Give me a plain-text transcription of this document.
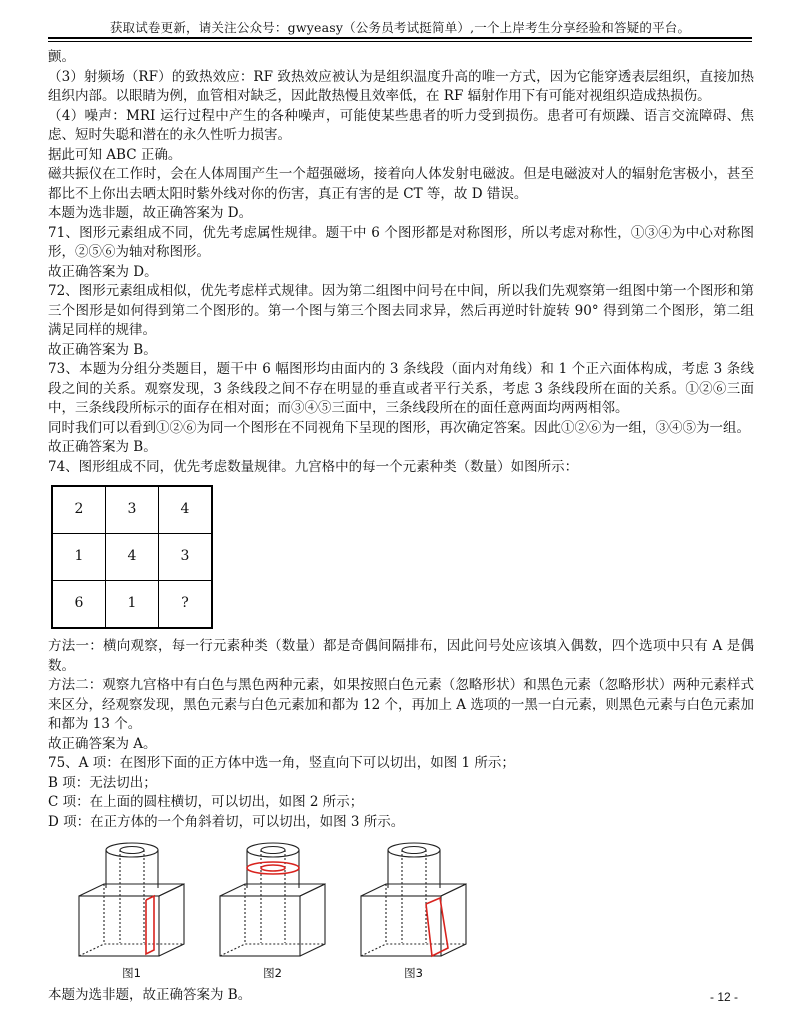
获取试卷更新，请关注公众号：gwyeasy（公务员考试挺简单）,一个上岸考生分享经验和答疑的平台。

颤。

（3）射频场（RF）的致热效应：RF 致热效应被认为是组织温度升高的唯一方式，因为它能穿透表层组织，直接加热组织内部。以眼睛为例，血管相对缺乏，因此散热慢且效率低，在 RF 辐射作用下有可能对视组织造成热损伤。

（4）噪声：MRI 运行过程中产生的各种噪声，可能使某些患者的听力受到损伤。患者可有烦躁、语言交流障碍、焦虑、短时失聪和潜在的永久性听力损害。

据此可知 ABC 正确。

磁共振仪在工作时，会在人体周围产生一个超强磁场，接着向人体发射电磁波。但是电磁波对人的辐射危害极小，甚至都比不上你出去晒太阳时紫外线对你的伤害，真正有害的是 CT 等，故 D 错误。

本题为选非题，故正确答案为 D。

71、图形元素组成不同，优先考虑属性规律。题干中 6 个图形都是对称图形，所以考虑对称性，①③④为中心对称图形，②⑤⑥为轴对称图形。

故正确答案为 D。

72、图形元素组成相似，优先考虑样式规律。因为第二组图中问号在中间，所以我们先观察第一组图中第一个图形和第三个图形是如何得到第二个图形的。第一个图与第三个图去同求异，然后再逆时针旋转 90° 得到第二个图形，第二组满足同样的规律。

故正确答案为 B。

73、本题为分组分类题目，题干中 6 幅图形均由面内的 3 条线段（面内对角线）和 1 个正六面体构成，考虑 3 条线段之间的关系。观察发现，3 条线段之间不存在明显的垂直或者平行关系，考虑 3 条线段所在面的关系。①②⑥三面中，三条线段所标示的面存在相对面；而③④⑤三面中，三条线段所在的面任意两面均两两相邻。

同时我们可以看到①②⑥为同一个图形在不同视角下呈现的图形，再次确定答案。因此①②⑥为一组，③④⑤为一组。

故正确答案为 B。

74、图形组成不同，优先考虑数量规律。九宫格中的每一个元素种类（数量）如图所示：

2	3	4
1	4	3
6	1	?

方法一：横向观察，每一行元素种类（数量）都是奇偶间隔排布，因此问号处应该填入偶数，四个选项中只有 A 是偶数。

方法二：观察九宫格中有白色与黑色两种元素，如果按照白色元素（忽略形状）和黑色元素（忽略形状）两种元素样式来区分，经观察发现，黑色元素与白色元素加和都为 12 个，再加上 A 选项的一黑一白元素，则黑色元素与白色元素加和都为 13 个。

故正确答案为 A。

75、A 项：在图形下面的正方体中选一角，竖直向下可以切出，如图 1 所示；

B 项：无法切出；

C 项：在上面的圆柱横切，可以切出，如图 2 所示；

D 项：在正方体的一个角斜着切，可以切出，如图 3 所示。

图1	图2	图3

本题为选非题，故正确答案为 B。	- 12 -
